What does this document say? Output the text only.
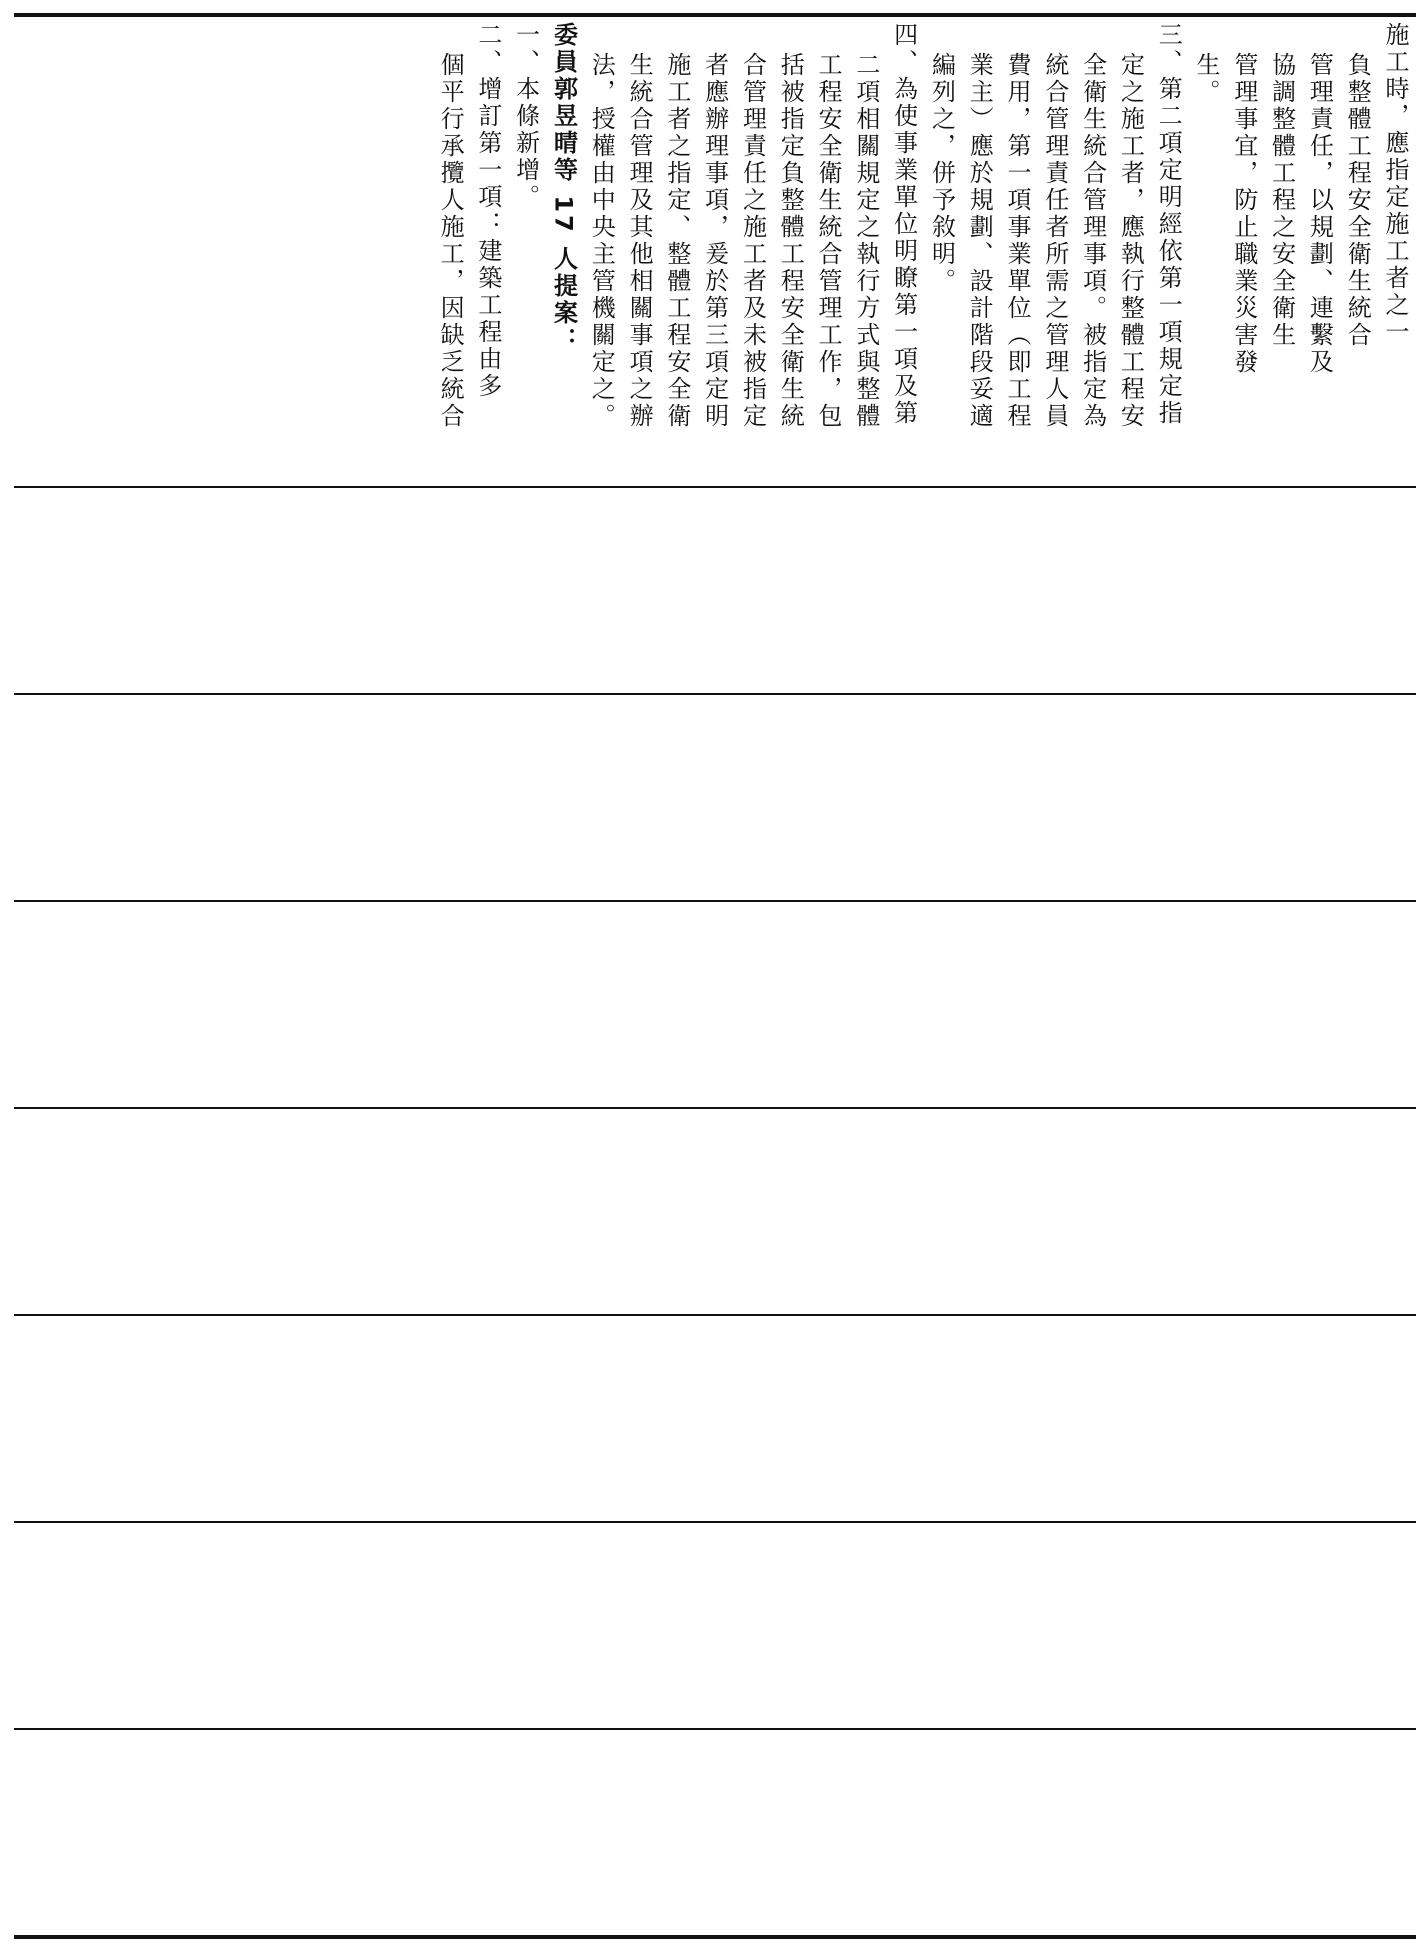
施工時，應指定施工者之一
負整體工程安全衛生統合
管理責任，以規劃、連繫及
協調整體工程之安全衛生
管理事宜，防止職業災害發
生。
三、第二項定明經依第一項規定指
定之施工者，應執行整體工程安
全衛生統合管理事項。被指定為
統合管理責任者所需之管理人員
費用，第一項事業單位（即工程
業主）應於規劃、設計階段妥適
編列之，併予敘明。
四、為使事業單位明瞭第一項及第
二項相關規定之執行方式與整體
工程安全衛生統合管理工作，包
括被指定負整體工程安全衛生統
合管理責任之施工者及未被指定
者應辦理事項，爰於第三項定明
施工者之指定、整體工程安全衛
生統合管理及其他相關事項之辦
法，授權由中央主管機關定之。
委員郭昱晴等 17 人提案：
一、本條新增。
二、增訂第一項：建築工程由多
個平行承攬人施工，因缺乏統合
